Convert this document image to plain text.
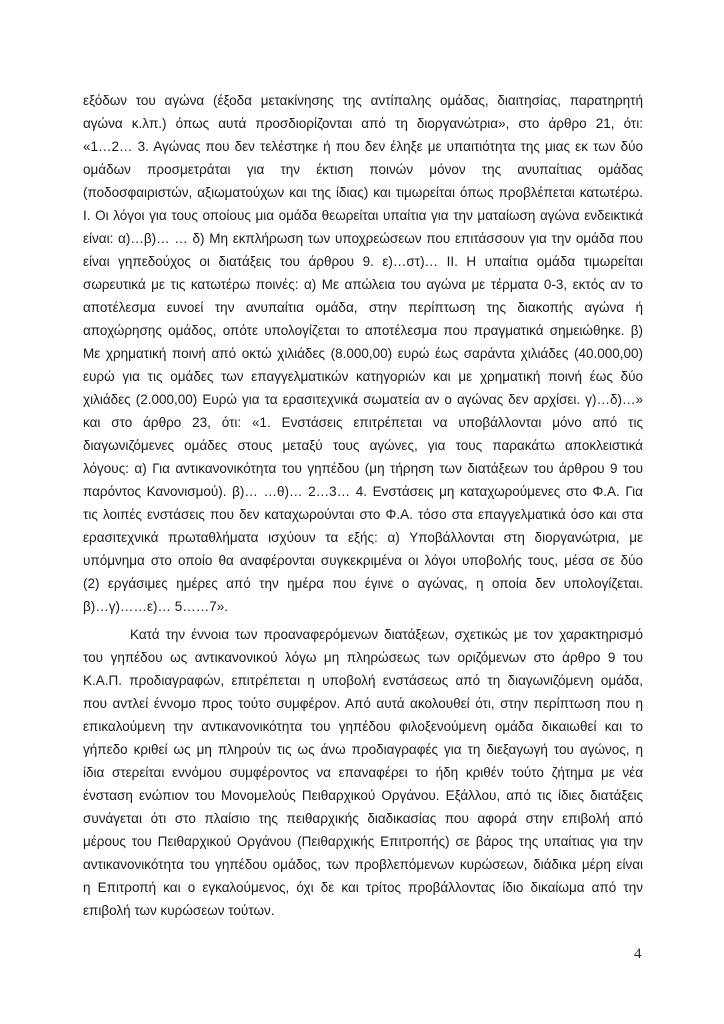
εξόδων του αγώνα (έξοδα μετακίνησης της αντίπαλης ομάδας, διαιτησίας, παρατηρητή
αγώνα κ.λπ.) όπως αυτά προσδιορίζονται από τη διοργανώτρια», στο άρθρο 21, ότι:
«1…2… 3. Αγώνας που δεν τελέστηκε ή που δεν έληξε με υπαιτιότητα της μιας εκ των δύο
ομάδων προσμετράται για την έκτιση ποινών μόνον της ανυπαίτιας ομάδας
(ποδοσφαιριστών, αξιωματούχων και της ίδιας) και τιμωρείται όπως προβλέπεται κατωτέρω.
I. Οι λόγοι για τους οποίους μια ομάδα θεωρείται υπαίτια για την ματαίωση αγώνα ενδεικτικά
είναι: α)…β)… … δ) Μη εκπλήρωση των υποχρεώσεων που επιτάσσουν για την ομάδα που
είναι γηπεδούχος οι διατάξεις του άρθρου 9. ε)…στ)… II. Η υπαίτια ομάδα τιμωρείται
σωρευτικά με τις κατωτέρω ποινές: α) Με απώλεια του αγώνα με τέρματα 0-3, εκτός αν το
αποτέλεσμα ευνοεί την ανυπαίτια ομάδα, στην περίπτωση της διακοπής αγώνα ή
αποχώρησης ομάδος, οπότε υπολογίζεται το αποτέλεσμα που πραγματικά σημειώθηκε. β)
Με χρηματική ποινή από οκτώ χιλιάδες (8.000,00) ευρώ έως σαράντα χιλιάδες (40.000,00)
ευρώ για τις ομάδες των επαγγελματικών κατηγοριών και με χρηματική ποινή έως δύο
χιλιάδες (2.000,00) Ευρώ για τα ερασιτεχνικά σωματεία αν ο αγώνας δεν αρχίσει. γ)…δ)…»
και στο άρθρο 23, ότι: «1. Ενστάσεις επιτρέπεται να υποβάλλονται μόνο από τις
διαγωνιζόμενες ομάδες στους μεταξύ τους αγώνες, για τους παρακάτω αποκλειστικά
λόγους: α) Για αντικανονικότητα του γηπέδου (μη τήρηση των διατάξεων του άρθρου 9 του
παρόντος Κανονισμού). β)… …θ)… 2…3… 4. Ενστάσεις μη καταχωρούμενες στο Φ.Α. Για
τις λοιπές ενστάσεις που δεν καταχωρούνται στο Φ.Α. τόσο στα επαγγελματικά όσο και στα
ερασιτεχνικά πρωταθλήματα ισχύουν τα εξής: α) Υποβάλλονται στη διοργανώτρια, με
υπόμνημα στο οποίο θα αναφέρονται συγκεκριμένα οι λόγοι υποβολής τους, μέσα σε δύο
(2) εργάσιμες ημέρες από την ημέρα που έγινε ο αγώνας, η οποία δεν υπολογίζεται.
β)…γ)……ε)… 5……7».
Κατά την έννοια των προαναφερόμενων διατάξεων, σχετικώς με τον χαρακτηρισμό
του γηπέδου ως αντικανονικού λόγω μη πληρώσεως των οριζόμενων στο άρθρο 9 του
Κ.Α.Π. προδιαγραφών, επιτρέπεται η υποβολή ενστάσεως από τη διαγωνιζόμενη ομάδα,
που αντλεί έννομο προς τούτο συμφέρον. Από αυτά ακολουθεί ότι, στην περίπτωση που η
επικαλούμενη την αντικανονικότητα του γηπέδου φιλοξενούμενη ομάδα δικαιωθεί και το
γήπεδο κριθεί ως μη πληρούν τις ως άνω προδιαγραφές για τη διεξαγωγή του αγώνος, η
ίδια στερείται εννόμου συμφέροντος να επαναφέρει το ήδη κριθέν τούτο ζήτημα με νέα
ένσταση ενώπιον του Μονομελούς Πειθαρχικού Οργάνου. Εξάλλου, από τις ίδιες διατάξεις
συνάγεται ότι στο πλαίσιο της πειθαρχικής διαδικασίας που αφορά στην επιβολή από
μέρους του Πειθαρχικού Οργάνου (Πειθαρχικής Επιτροπής) σε βάρος της υπαίτιας για την
αντικανονικότητα του γηπέδου ομάδος, των προβλεπόμενων κυρώσεων, διάδικα μέρη είναι
η Επιτροπή και ο εγκαλούμενος, όχι δε και τρίτος προβάλλοντας ίδιο δικαίωμα από την
επιβολή των κυρώσεων τούτων.
4
